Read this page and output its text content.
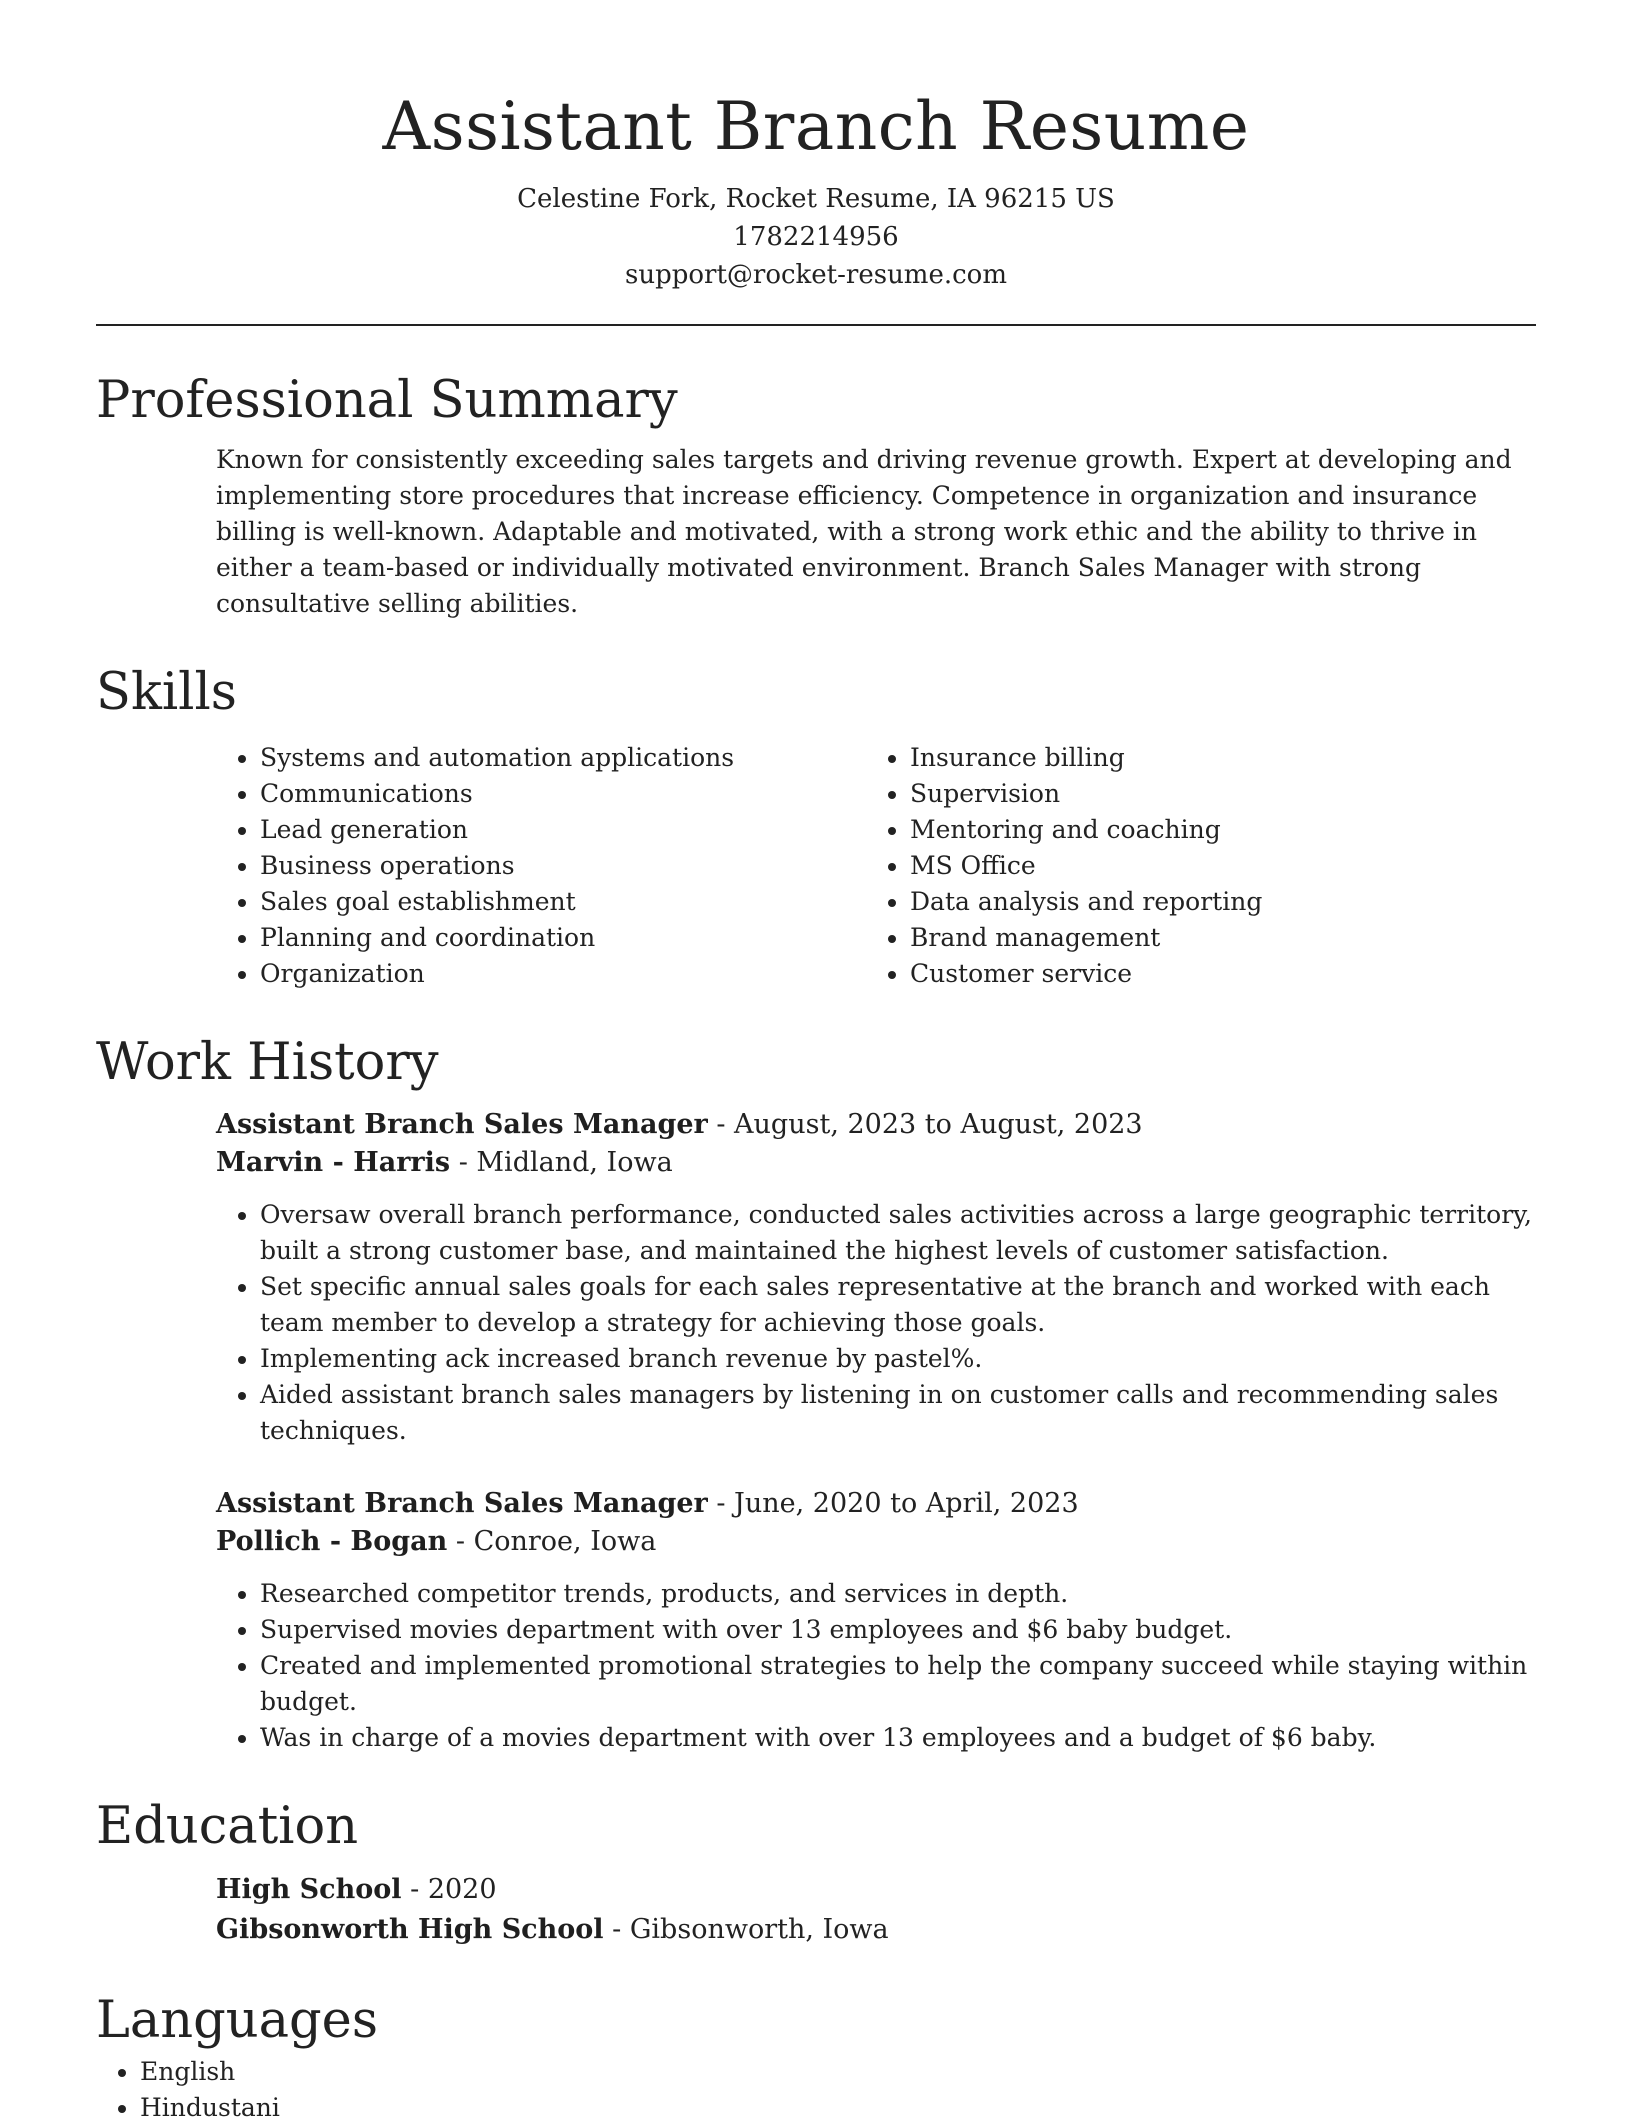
Assistant Branch Resume
Celestine Fork, Rocket Resume, IA 96215 US
1782214956
support@rocket-resume.com
Professional Summary
Known for consistently exceeding sales targets and driving revenue growth. Expert at developing and implementing store procedures that increase efficiency. Competence in organization and insurance billing is well-known. Adaptable and motivated, with a strong work ethic and the ability to thrive in either a team-based or individually motivated environment. Branch Sales Manager with strong consultative selling abilities.
Skills
• Systems and automation applications
• Communications
• Lead generation
• Business operations
• Sales goal establishment
• Planning and coordination
• Organization
• Insurance billing
• Supervision
• Mentoring and coaching
• MS Office
• Data analysis and reporting
• Brand management
• Customer service
Work History
Assistant Branch Sales Manager - August, 2023 to August, 2023
Marvin - Harris - Midland, Iowa
• Oversaw overall branch performance, conducted sales activities across a large geographic territory, built a strong customer base, and maintained the highest levels of customer satisfaction.
• Set specific annual sales goals for each sales representative at the branch and worked with each team member to develop a strategy for achieving those goals.
• Implementing ack increased branch revenue by pastel%.
• Aided assistant branch sales managers by listening in on customer calls and recommending sales techniques.
Assistant Branch Sales Manager - June, 2020 to April, 2023
Pollich - Bogan - Conroe, Iowa
• Researched competitor trends, products, and services in depth.
• Supervised movies department with over 13 employees and $6 baby budget.
• Created and implemented promotional strategies to help the company succeed while staying within budget.
• Was in charge of a movies department with over 13 employees and a budget of $6 baby.
Education
High School - 2020
Gibsonworth High School - Gibsonworth, Iowa
Languages
• English
• Hindustani
